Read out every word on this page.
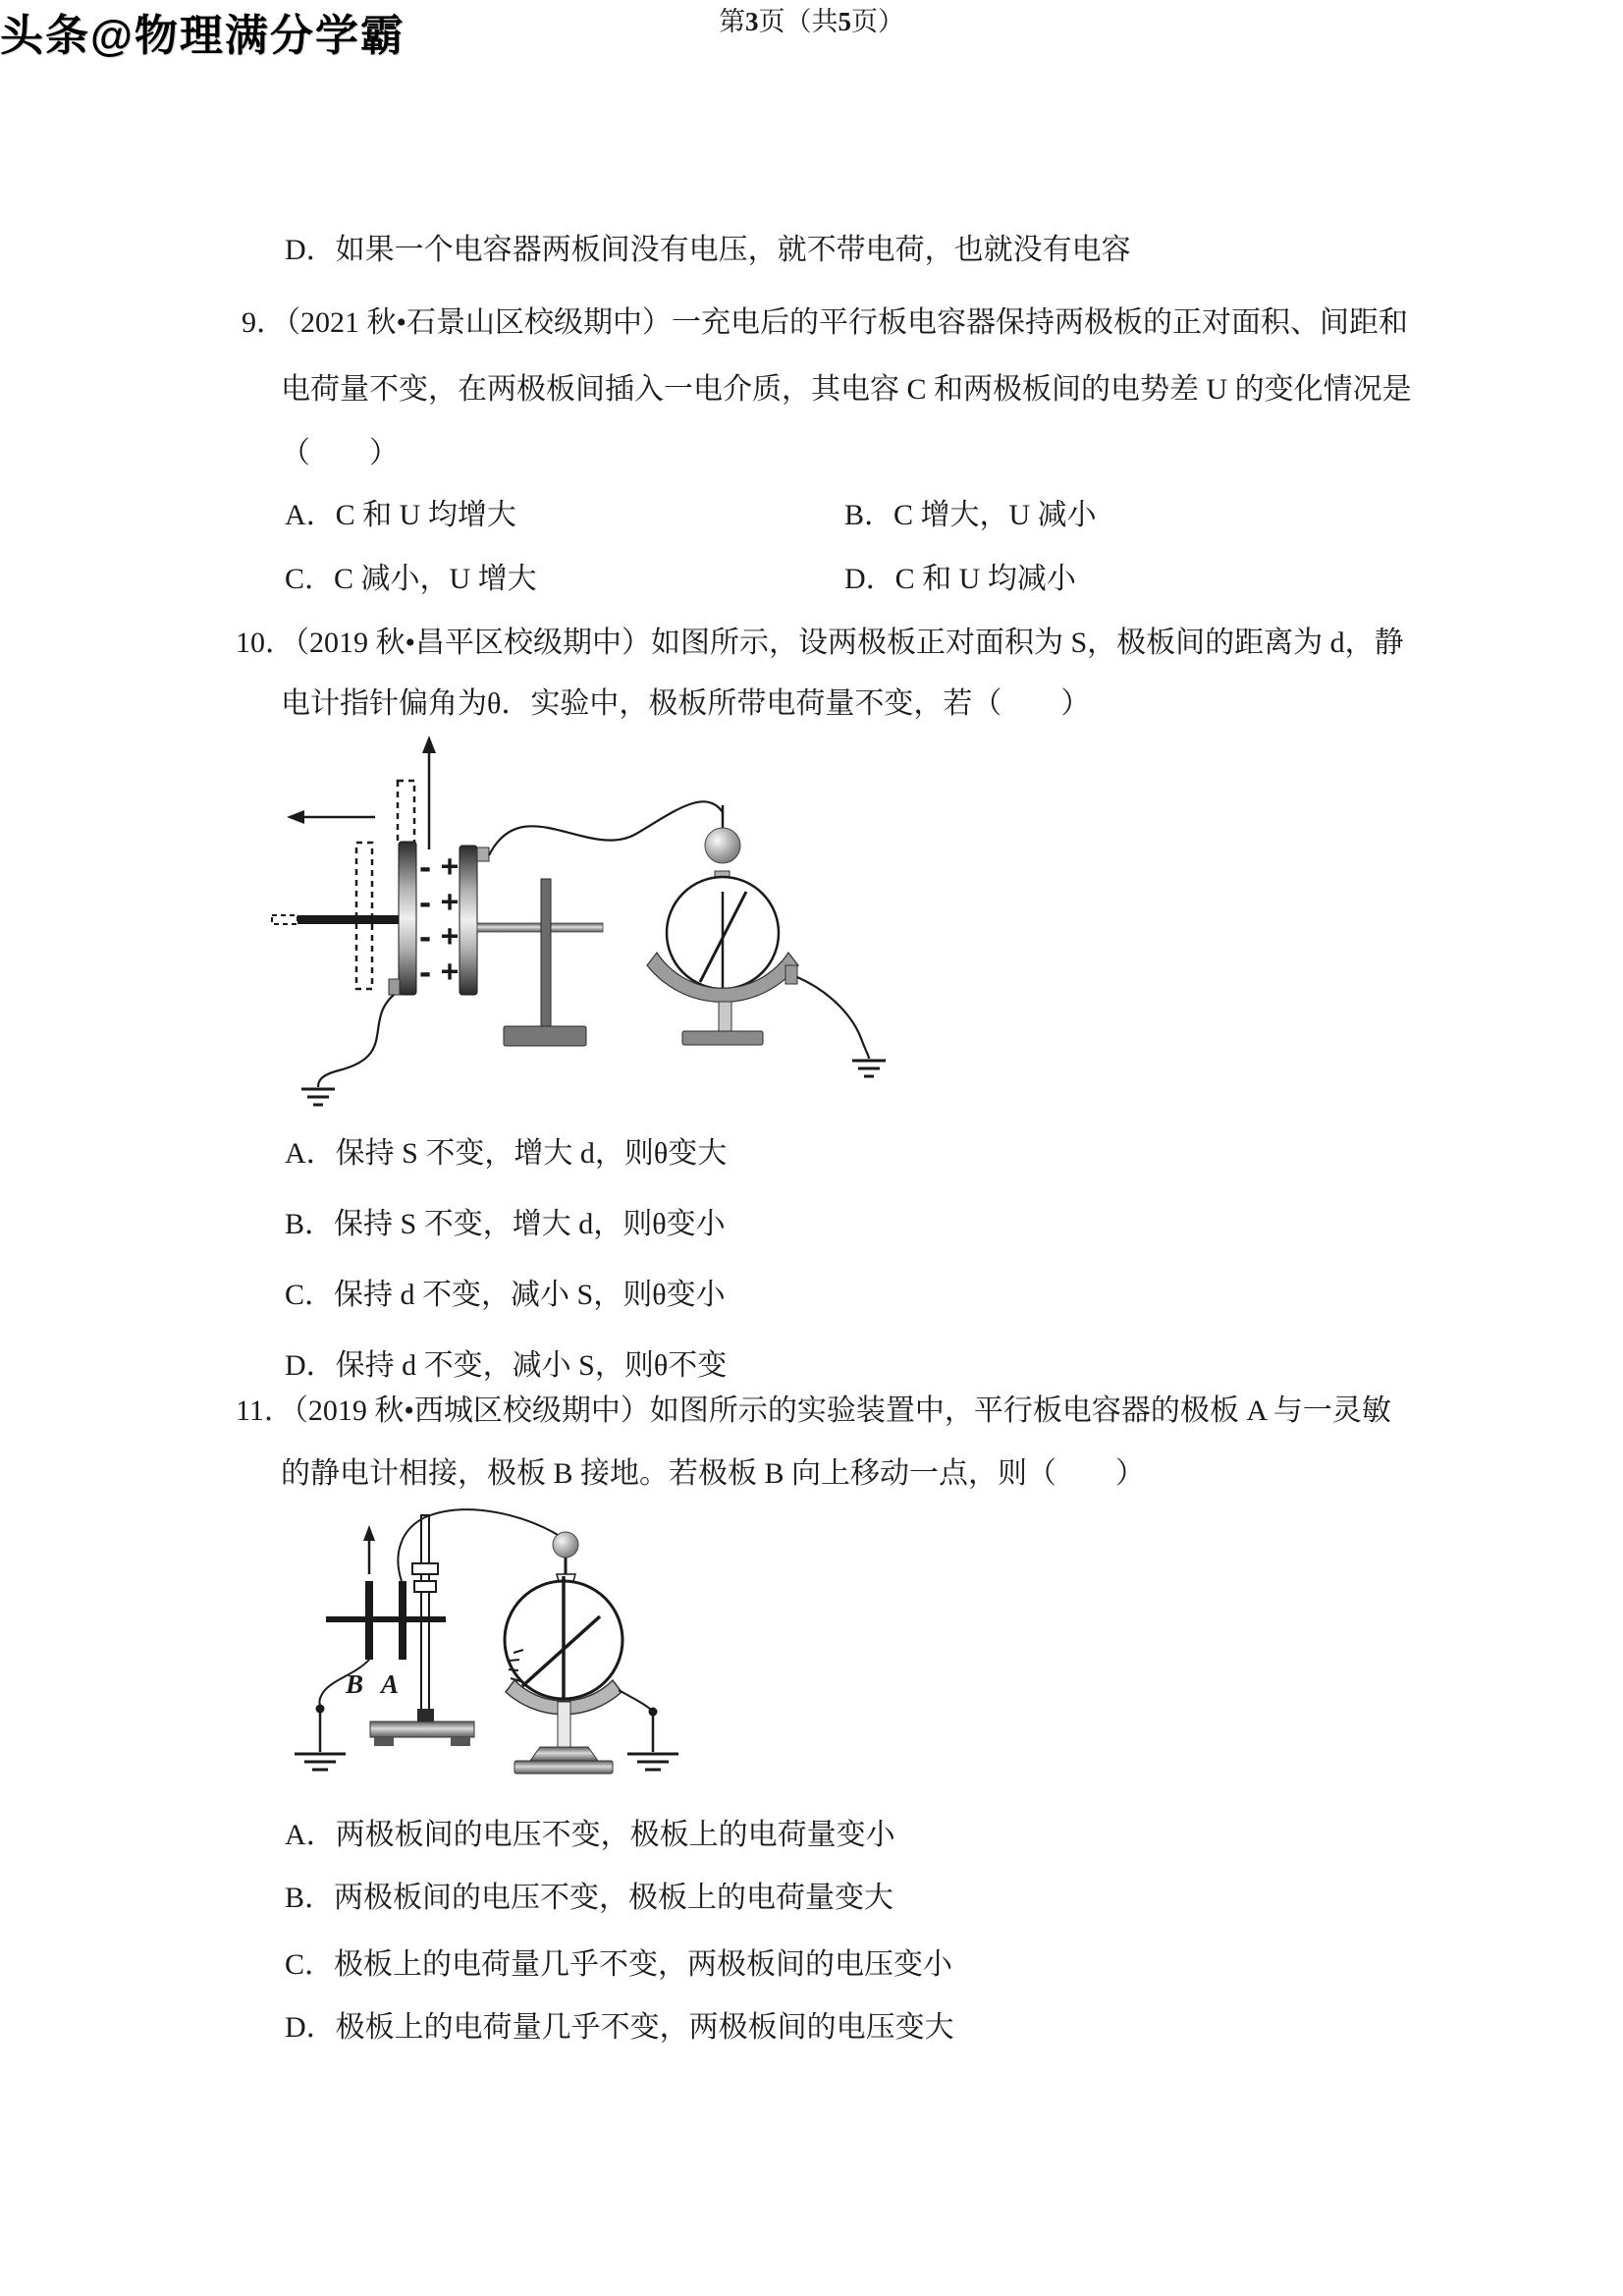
D．如果一个电容器两板间没有电压，就不带电荷，也就没有电容
9．（2021 秋•石景山区校级期中）一充电后的平行板电容器保持两极板的正对面积、间距和
电荷量不变，在两极板间插入一电介质，其电容 C 和两极板间的电势差 U 的变化情况是
（　　）
A．C 和 U 均增大	B．C 增大，U 减小
C．C 减小，U 增大	D．C 和 U 均减小
10．（2019 秋•昌平区校级期中）如图所示，设两极板正对面积为 S，极板间的距离为 d，静
电计指针偏角为θ．实验中，极板所带电荷量不变，若（　　）
-
-
-
-
+
+
+
+
A．保持 S 不变，增大 d，则θ变大
B．保持 S 不变，增大 d，则θ变小
C．保持 d 不变，减小 S，则θ变小
D．保持 d 不变，减小 S，则θ不变
11．（2019 秋•西城区校级期中）如图所示的实验装置中，平行板电容器的极板 A 与一灵敏
的静电计相接，极板 B 接地。若极板 B 向上移动一点，则（　　）
B A
A．两极板间的电压不变，极板上的电荷量变小
B．两极板间的电压不变，极板上的电荷量变大
C．极板上的电荷量几乎不变，两极板间的电压变小
D．极板上的电荷量几乎不变，两极板间的电压变大
第3页（共5页）
头条@物理满分学霸
